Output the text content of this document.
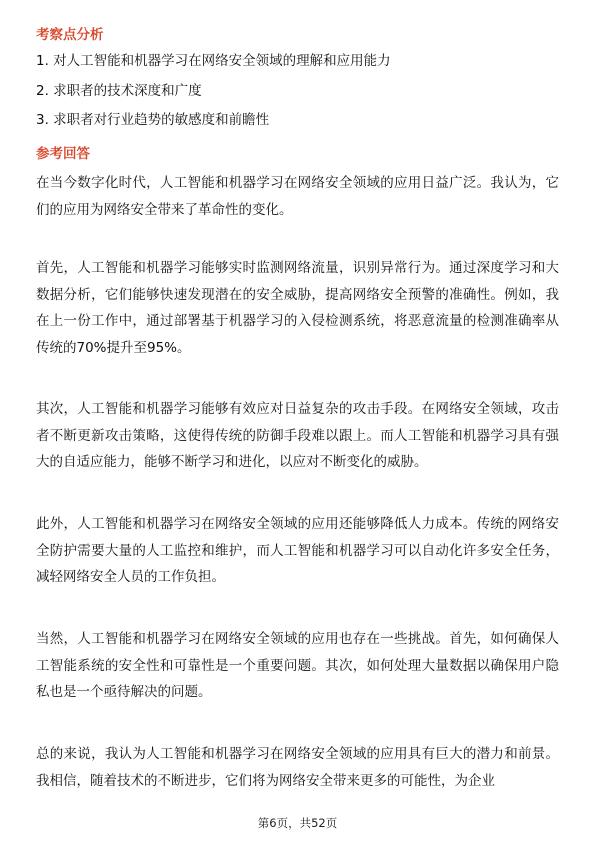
考察点分析
1. 对人工智能和机器学习在网络安全领域的理解和应用能力
2. 求职者的技术深度和广度
3. 求职者对行业趋势的敏感度和前瞻性
参考回答
在当今数字化时代，人工智能和机器学习在网络安全领域的应用日益广泛。我认为，它们的应用为网络安全带来了革命性的变化。
首先，人工智能和机器学习能够实时监测网络流量，识别异常行为。通过深度学习和大数据分析，它们能够快速发现潜在的安全威胁，提高网络安全预警的准确性。例如，我在上一份工作中，通过部署基于机器学习的入侵检测系统，将恶意流量的检测准确率从传统的70%提升至95%。
其次，人工智能和机器学习能够有效应对日益复杂的攻击手段。在网络安全领域，攻击者不断更新攻击策略，这使得传统的防御手段难以跟上。而人工智能和机器学习具有强大的自适应能力，能够不断学习和进化，以应对不断变化的威胁。
此外，人工智能和机器学习在网络安全领域的应用还能够降低人力成本。传统的网络安全防护需要大量的人工监控和维护，而人工智能和机器学习可以自动化许多安全任务，减轻网络安全人员的工作负担。
当然，人工智能和机器学习在网络安全领域的应用也存在一些挑战。首先，如何确保人工智能系统的安全性和可靠性是一个重要问题。其次，如何处理大量数据以确保用户隐私也是一个亟待解决的问题。
总的来说，我认为人工智能和机器学习在网络安全领域的应用具有巨大的潜力和前景。我相信，随着技术的不断进步，它们将为网络安全带来更多的可能性，为企业
第6页，共52页
